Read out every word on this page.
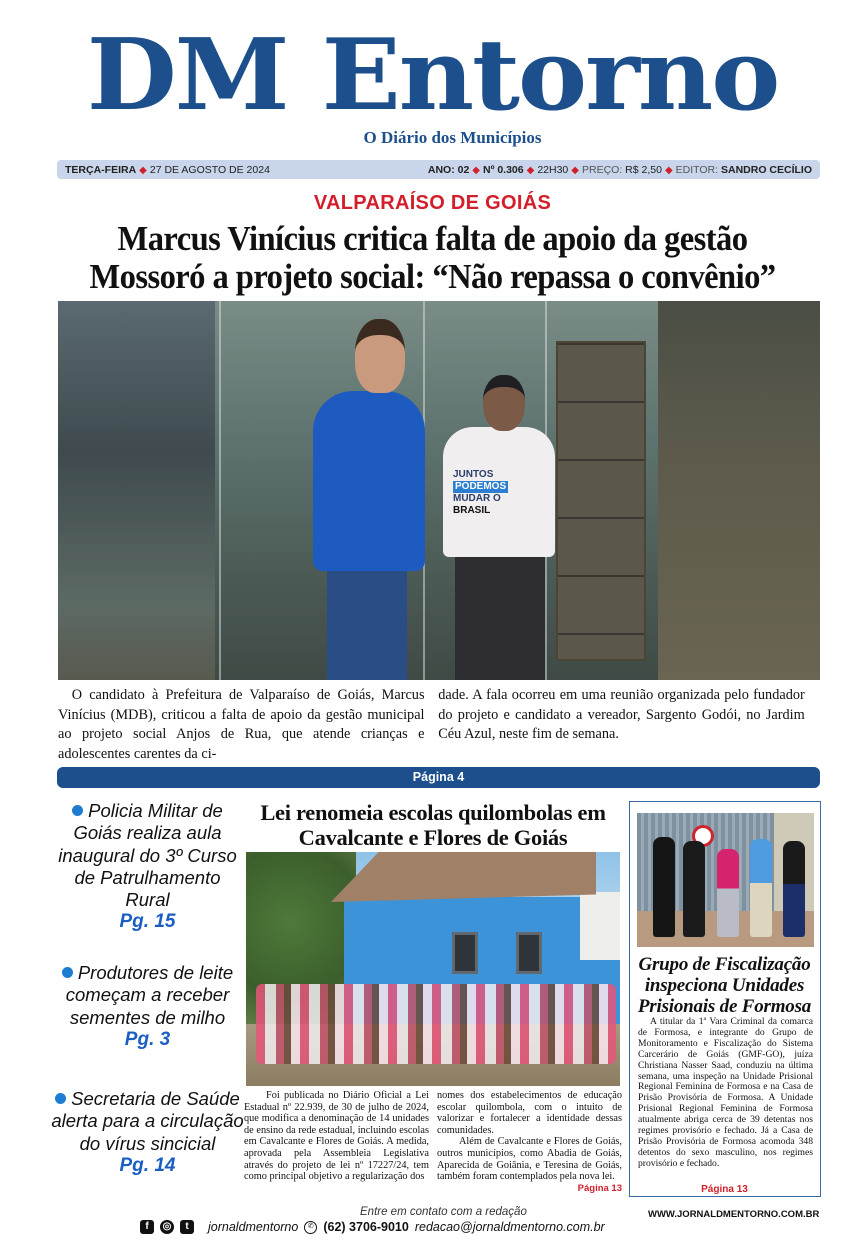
DM Entorno
O Diário dos Municípios
TERÇA-FEIRA ◆ 27 DE AGOSTO DE 2024	ANO: 02 ◆ Nº 0.306 ◆ 22H30 ◆ PREÇO: R$ 2,50 ◆ EDITOR: SANDRO CECÍLIO
VALPARAÍSO DE GOIÁS
Marcus Vinícius critica falta de apoio da gestão Mossoró a projeto social: “Não repassa o convênio”
JUNTOS
PODEMOS
MUDAR O
BRASIL

O candidato à Prefeitura de Valparaíso de Goiás, Marcus Vinícius (MDB), criticou a falta de apoio da gestão municipal ao projeto social Anjos de Rua, que atende crianças e adolescentes carentes da ci-

dade. A fala ocorreu em uma reunião organizada pelo fundador do projeto e candidato a vereador, Sargento Godói, no Jardim Céu Azul, neste fim de semana.

Página 4
Policia Militar de Goiás realiza aula inaugural do 3º Curso de Patrulhamento Rural
Pg. 15
Produtores de leite começam a receber sementes de milho
Pg. 3
Secretaria de Saúde alerta para a circulação do vírus sincicial
Pg. 14
Lei renomeia escolas quilombolas em Cavalcante e Flores de Goiás

Foi publicada no Diário Oficial a Lei Estadual nº 22.939, de 30 de julho de 2024, que modifica a denominação de 14 unidades de ensino da rede estadual, incluindo escolas em Cavalcante e Flores de Goiás. A medida, aprovada pela Assembleia Legislativa através do projeto de lei nº 17227/24, tem como principal objetivo a regularização dos

nomes dos estabelecimentos de educação escolar quilombola, com o intuito de valorizar e fortalecer a identidade dessas comunidades.

Além de Cavalcante e Flores de Goiás, outros municípios, como Abadia de Goiás, Aparecida de Goiânia, e Teresina de Goiás, também foram contemplados pela nova lei.
Página 13

Grupo de Fiscalização inspeciona Unidades Prisionais de Formosa

A titular da 1ª Vara Criminal da comarca de Formosa, e integrante do Grupo de Monitoramento e Fiscalização do Sistema Carcerário de Goiás (GMF-GO), juíza Christiana Nasser Saad, conduziu na última semana, uma inspeção na Unidade Prisional Regional Feminina de Formosa e na Casa de Prisão Provisória de Formosa. A Unidade Prisional Regional Feminina de Formosa atualmente abriga cerca de 39 detentas nos regimes provisório e fechado. Já a Casa de Prisão Provisória de Formosa acomoda 348 detentos do sexo masculino, nos regimes provisório e fechado.

Página 13
Entre em contato com a redação	WWW.JORNALDMENTORNO.COM.BR
f	◎	t	jornaldmentorno	✆ (62) 3706-9010 redacao@jornaldmentorno.com.br
